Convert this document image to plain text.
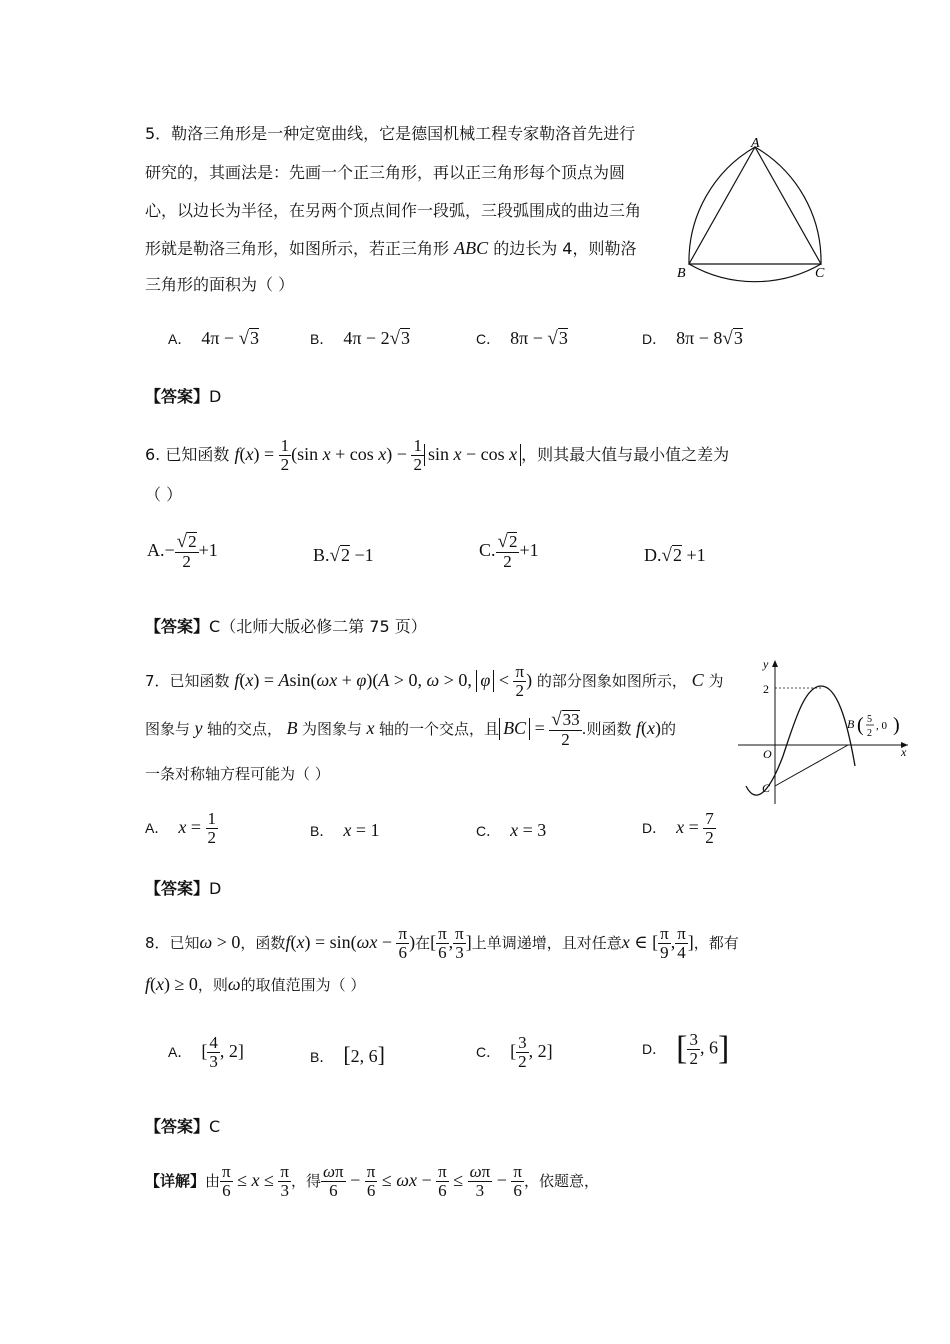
5．勒洛三角形是一种定宽曲线，它是德国机械工程专家勒洛首先进行
研究的，其画法是：先画一个正三角形，再以正三角形每个顶点为圆
心，以边长为半径，在另两个顶点间作一段弧，三段弧围成的曲边三角
形就是勒洛三角形，如图所示，若正三角形 ABC 的边长为 4，则勒洛
三角形的面积为（ ）
A
B	C
A． 4π − √3	B． 4π − 2√3	C． 8π − √3	D． 8π − 8√3
【答案】D
6. 已知函数 $f(x) = \frac{1}{2} (\sin$ $x + \cos x) - \frac{1}{2}$ sin x − cos x ，则其最大值与最小值之差为
（ ）
$A.- \frac{√2}{2} +1$	B.√2 −1	C. $\frac{√2}{2} +1$	D.√2 +1
【答案】C（北师大版必修二第 75 页）
7．已知函数 f(x) = Asin(ωx + φ)(A > 0, ω > 0, $\varphi < \frac{\pi}{2}$ ) 的部分图象如图所示， C 为
图象与 y 轴的交点， B 为图象与 x 轴的一个交点，且 BC = $\frac{√33}{2}$ .则函数 f(x)的
一条对称轴方程可能为（ ）
y
x
2
O
C
B ( 5
2
, 0 )
A． $x = \frac{1}{2}$	B． x = 1	C． x = 3	D． $x = \frac{7}{2}$
【答案】D
8．已知ω > 0，函数$f(x) = \sin(\omega x - \frac{\pi}{6}$ )在[ $\frac{\pi}{6}$ , $\frac{\pi}{3}$ ]上单调递增，且对任意x ∈ [ $\frac{\pi}{9}$ , $\frac{\pi}{4}$ ]，都有
f(x) ≥ 0，则ω的取值范围为（ ）
A． [ $\frac{4}{3}$ , 2]	B． [2, 6]	C． [ $\frac{3}{2}$ , 2]	D． [ $\frac{3}{2}$ , 6]
【答案】C
【详解】由 $\frac{\pi}{6} \le x \le \frac{\pi}{3}$ ，得 $\frac{\omega\pi}{6} - \frac{\pi}{6} \le \omega x - \frac{\pi}{6} \le \frac{\omega\pi}{3} - \frac{\pi}{6}$ ，依题意，
